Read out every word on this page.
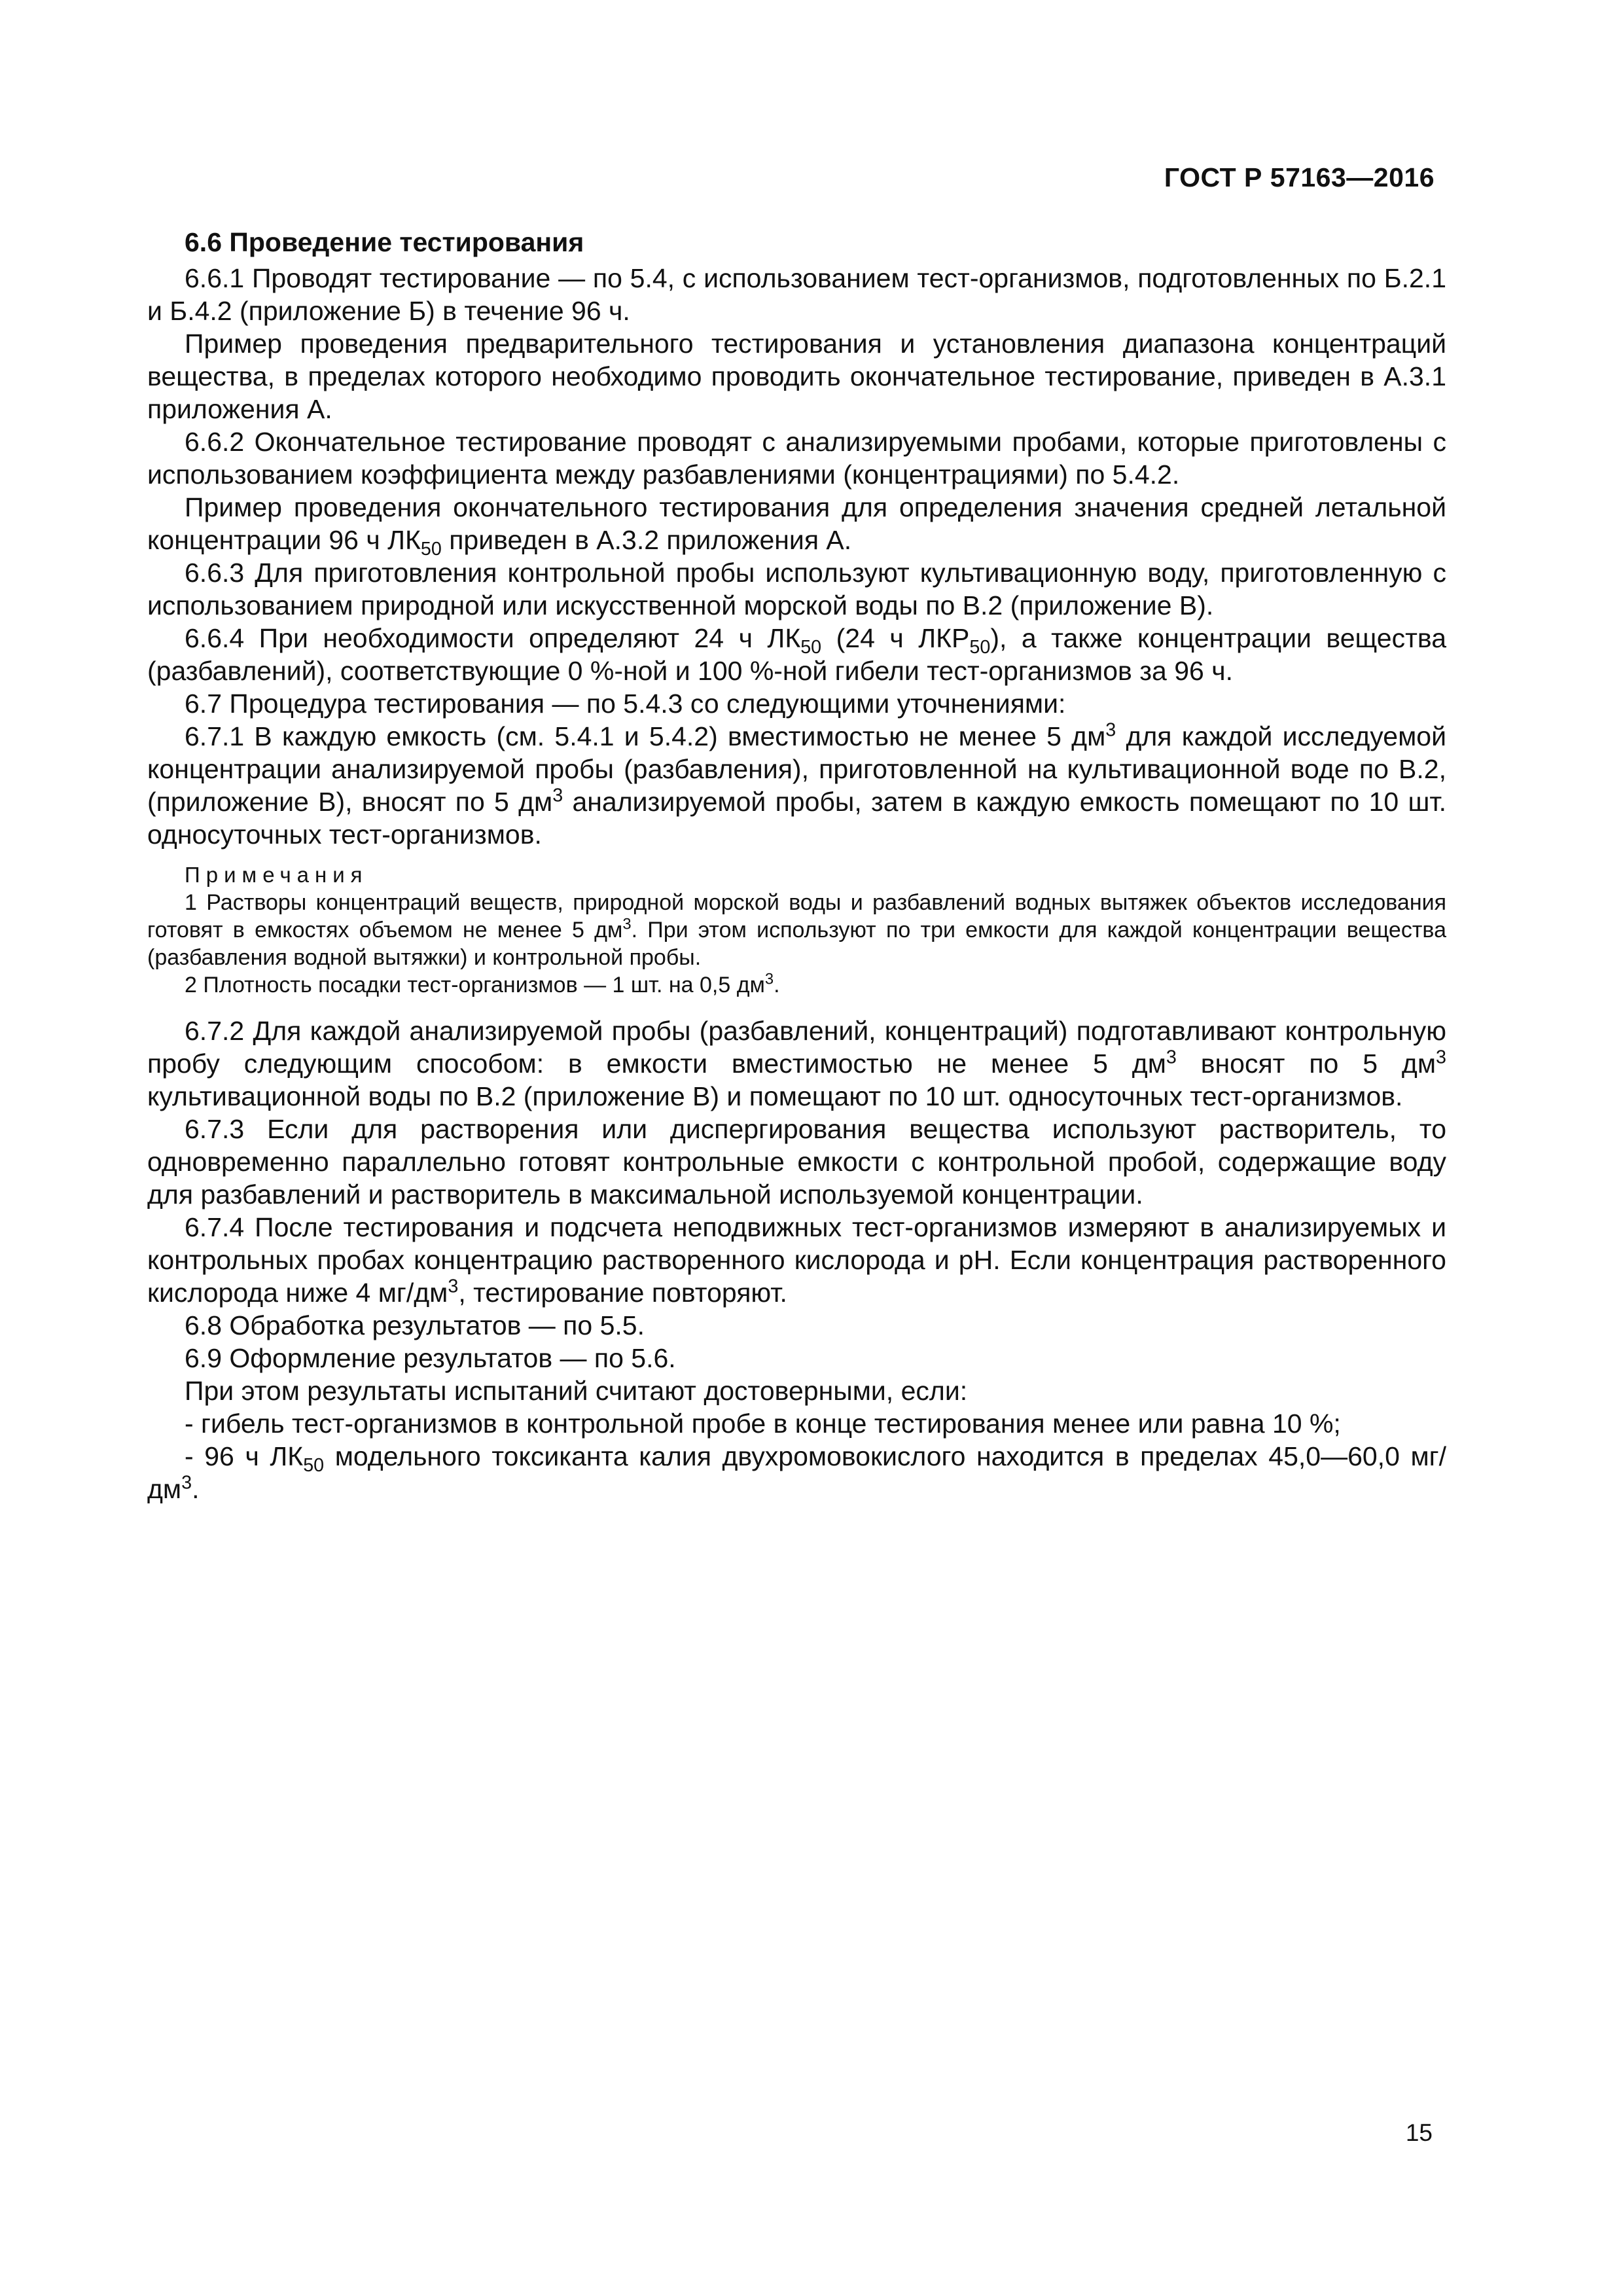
ГОСТ Р 57163—2016
6.6 Проведение тестирования

6.6.1 Проводят тестирование — по 5.4, с использованием тест-организмов, подготовленных по Б.2.1 и Б.4.2 (приложение Б) в течение 96 ч.

Пример проведения предварительного тестирования и установления диапазона концентраций вещества, в пределах которого необходимо проводить окончательное тестирование, приведен в А.3.1 приложения А.

6.6.2 Окончательное тестирование проводят с анализируемыми пробами, которые приготовлены с использованием коэффициента между разбавлениями (концентрациями) по 5.4.2.

Пример проведения окончательного тестирования для определения значения средней летальной концентрации 96 ч $ЛК_{50}$ приведен в А.3.2 приложения А.

6.6.3 Для приготовления контрольной пробы используют культивационную воду, приготовленную с использованием природной или искусственной морской воды по В.2 (приложение В).

6.6.4 При необходимости определяют 24 ч $ЛК_{50}$ (24 ч $ЛКР_{50}$), а также концентрации вещества (разбавлений), соответствующие 0 %-ной и 100 %-ной гибели тест-организмов за 96 ч.

6.7 Процедура тестирования — по 5.4.3 со следующими уточнениями:

6.7.1 В каждую емкость (см. 5.4.1 и 5.4.2) вместимостью не менее 5 $дм^3$ для каждой исследуемой концентрации анализируемой пробы (разбавления), приготовленной на культивационной воде по В.2, (приложение В), вносят по 5 $дм^3$ анализируемой пробы, затем в каждую емкость помещают по 10 шт. односуточных тест-организмов.

Примечания

1 Растворы концентраций веществ, природной морской воды и разбавлений водных вытяжек объектов исследования готовят в емкостях объемом не менее 5 $дм^3$. При этом используют по три емкости для каждой концентрации вещества (разбавления водной вытяжки) и контрольной пробы.

2 Плотность посадки тест-организмов — 1 шт. на 0,5 $дм^3$.

6.7.2 Для каждой анализируемой пробы (разбавлений, концентраций) подготавливают контрольную пробу следующим способом: в емкости вместимостью не менее 5 $дм^3$ вносят по 5 $дм^3$ культивационной воды по В.2 (приложение В) и помещают по 10 шт. односуточных тест-организмов.

6.7.3 Если для растворения или диспергирования вещества используют растворитель, то одновременно параллельно готовят контрольные емкости с контрольной пробой, содержащие воду для разбавлений и растворитель в максимальной используемой концентрации.

6.7.4 После тестирования и подсчета неподвижных тест-организмов измеряют в анализируемых и контрольных пробах концентрацию растворенного кислорода и рН. Если концентрация растворенного кислорода ниже 4 $мг/дм^3$, тестирование повторяют.

6.8 Обработка результатов — по 5.5.

6.9 Оформление результатов — по 5.6.

При этом результаты испытаний считают достоверными, если:

- гибель тест-организмов в контрольной пробе в конце тестирования менее или равна 10 %;

- 96 ч $ЛК_{50}$ модельного токсиканта калия двухромовокислого находится в пределах 45,0—60,0 $мг/дм^3$.

15
